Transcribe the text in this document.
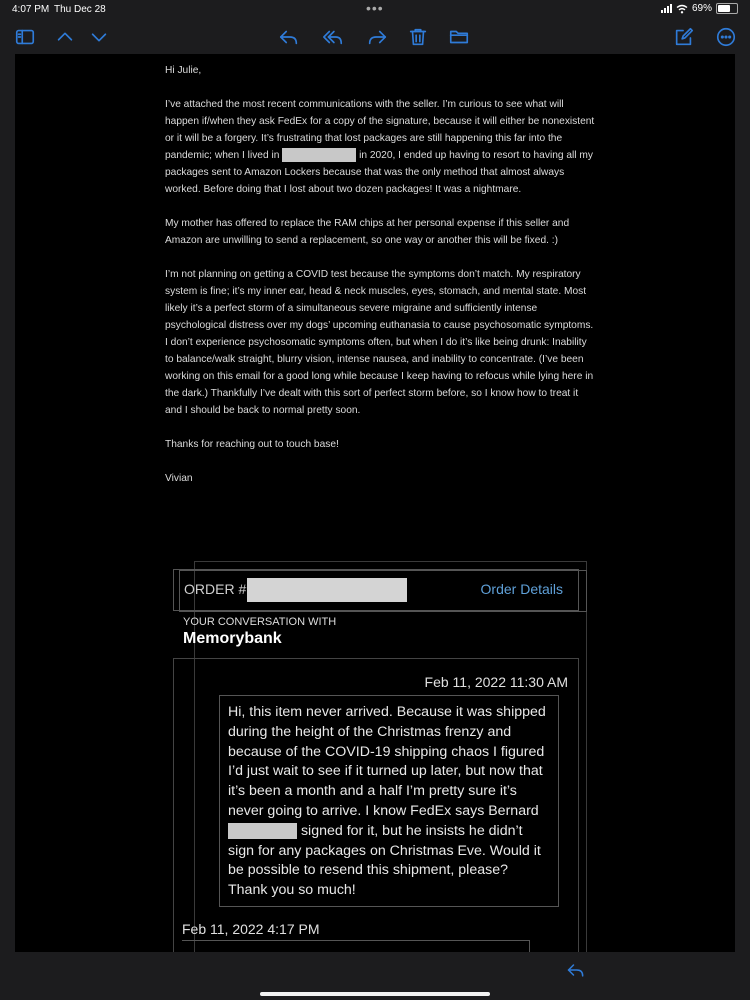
4:07 PM Thu Dec 28	•••	69%

Hi Julie,

I’ve attached the most recent communications with the seller. I’m curious to see what will happen if/when they ask FedEx for a copy of the signature, because it will either be nonexistent or it will be a forgery. It’s frustrating that lost packages are still happening this far into the pandemic; when I lived in	in 2020, I ended up having to resort to having all my packages sent to Amazon Lockers because that was the only method that almost always worked. Before doing that I lost about two dozen packages! It was a nightmare.

My mother has offered to replace the RAM chips at her personal expense if this seller and Amazon are unwilling to send a replacement, so one way or another this will be fixed. :)

I’m not planning on getting a COVID test because the symptoms don’t match. My respiratory system is fine; it’s my inner ear, head & neck muscles, eyes, stomach, and mental state. Most likely it’s a perfect storm of a simultaneous severe migraine and sufficiently intense psychological distress over my dogs’ upcoming euthanasia to cause psychosomatic symptoms. I don’t experience psychosomatic symptoms often, but when I do it’s like being drunk: Inability to balance/walk straight, blurry vision, intense nausea, and inability to concentrate. (I’ve been working on this email for a good long while because I keep having to refocus while lying here in the dark.) Thankfully I’ve dealt with this sort of perfect storm before, so I know how to treat it and I should be back to normal pretty soon.

Thanks for reaching out to touch base!

Vivian

ORDER #	Order Details
YOUR CONVERSATION WITH
Memorybank
Feb 11, 2022 11:30 AM
Hi, this item never arrived. Because it was shipped during the height of the Christmas frenzy and because of the COVID-19 shipping chaos I figured I’d just wait to see if it turned up later, but now that it’s been a month and a half I’m pretty sure it’s never going to arrive. I know FedEx says Bernard  signed for it, but he insists he didn’t sign for any packages on Christmas Eve. Would it be possible to resend this shipment, please? Thank you so much!
Feb 11, 2022 4:17 PM
